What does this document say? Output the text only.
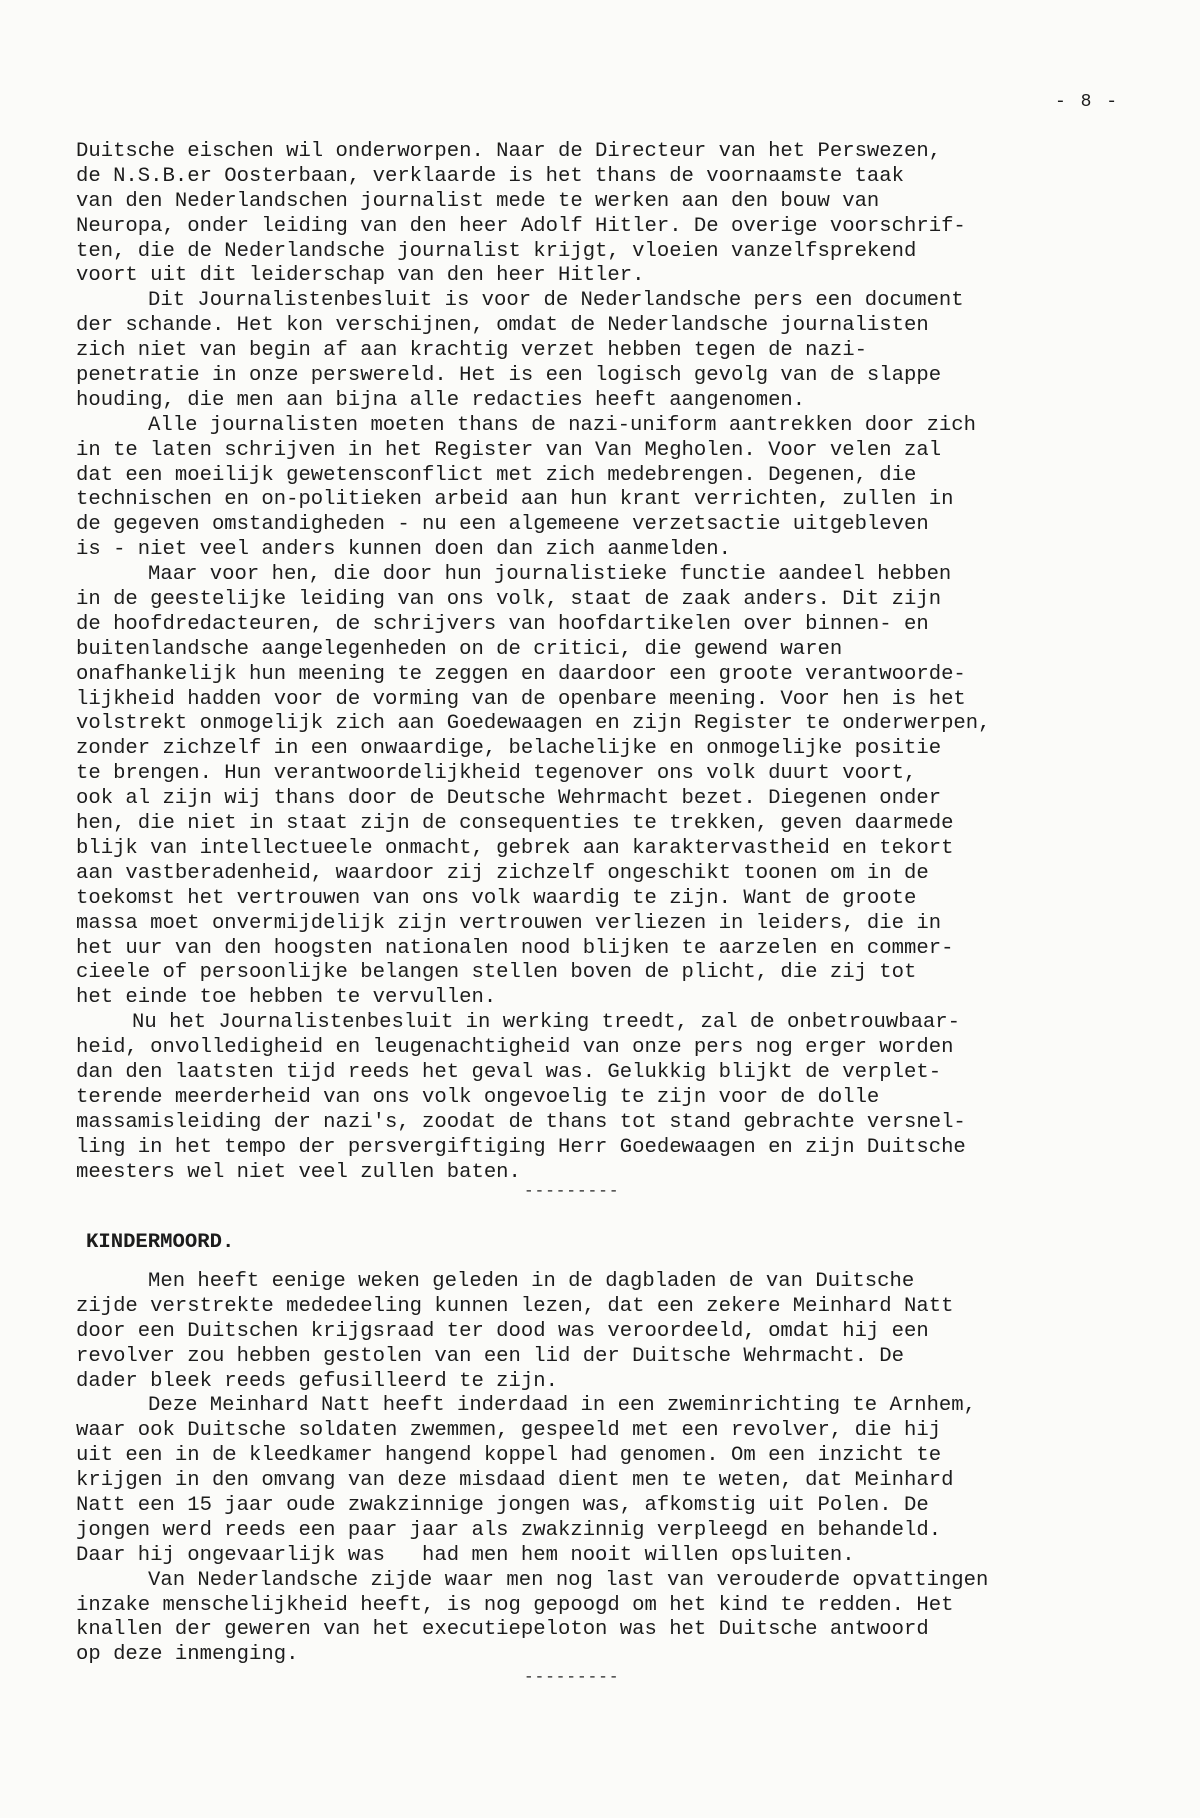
- 8 -
Duitsche eischen wil onderworpen. Naar de Directeur van het Perswezen,
de N.S.B.er Oosterbaan, verklaarde is het thans de voornaamste taak
van den Nederlandschen journalist mede te werken aan den bouw van
Neuropa, onder leiding van den heer Adolf Hitler. De overige voorschrif-
ten, die de Nederlandsche journalist krijgt, vloeien vanzelfsprekend
voort uit dit leiderschap van den heer Hitler.
Dit Journalistenbesluit is voor de Nederlandsche pers een document
der schande. Het kon verschijnen, omdat de Nederlandsche journalisten
zich niet van begin af aan krachtig verzet hebben tegen de nazi-
penetratie in onze perswereld. Het is een logisch gevolg van de slappe
houding, die men aan bijna alle redacties heeft aangenomen.
Alle journalisten moeten thans de nazi-uniform aantrekken door zich
in te laten schrijven in het Register van Van Megholen. Voor velen zal
dat een moeilijk gewetensconflict met zich medebrengen. Degenen, die
technischen en on-politieken arbeid aan hun krant verrichten, zullen in
de gegeven omstandigheden - nu een algemeene verzetsactie uitgebleven
is - niet veel anders kunnen doen dan zich aanmelden.
Maar voor hen, die door hun journalistieke functie aandeel hebben
in de geestelijke leiding van ons volk, staat de zaak anders. Dit zijn
de hoofdredacteuren, de schrijvers van hoofdartikelen over binnen- en
buitenlandsche aangelegenheden on de critici, die gewend waren
onafhankelijk hun meening te zeggen en daardoor een groote verantwoorde-
lijkheid hadden voor de vorming van de openbare meening. Voor hen is het
volstrekt onmogelijk zich aan Goedewaagen en zijn Register te onderwerpen,
zonder zichzelf in een onwaardige, belachelijke en onmogelijke positie
te brengen. Hun verantwoordelijkheid tegenover ons volk duurt voort,
ook al zijn wij thans door de Deutsche Wehrmacht bezet. Diegenen onder
hen, die niet in staat zijn de consequenties te trekken, geven daarmede
blijk van intellectueele onmacht, gebrek aan karaktervastheid en tekort
aan vastberadenheid, waardoor zij zichzelf ongeschikt toonen om in de
toekomst het vertrouwen van ons volk waardig te zijn. Want de groote
massa moet onvermijdelijk zijn vertrouwen verliezen in leiders, die in
het uur van den hoogsten nationalen nood blijken te aarzelen en commer-
cieele of persoonlijke belangen stellen boven de plicht, die zij tot
het einde toe hebben te vervullen.
Nu het Journalistenbesluit in werking treedt, zal de onbetrouwbaar-
heid, onvolledigheid en leugenachtigheid van onze pers nog erger worden
dan den laatsten tijd reeds het geval was. Gelukkig blijkt de verplet-
terende meerderheid van ons volk ongevoelig te zijn voor de dolle
massamisleiding der nazi's, zoodat de thans tot stand gebrachte versnel-
ling in het tempo der persvergiftiging Herr Goedewaagen en zijn Duitsche
meesters wel niet veel zullen baten.
---------
KINDERMOORD.
Men heeft eenige weken geleden in de dagbladen de van Duitsche
zijde verstrekte mededeeling kunnen lezen, dat een zekere Meinhard Natt
door een Duitschen krijgsraad ter dood was veroordeeld, omdat hij een
revolver zou hebben gestolen van een lid der Duitsche Wehrmacht. De
dader bleek reeds gefusilleerd te zijn.
Deze Meinhard Natt heeft inderdaad in een zweminrichting te Arnhem,
waar ook Duitsche soldaten zwemmen, gespeeld met een revolver, die hij
uit een in de kleedkamer hangend koppel had genomen. Om een inzicht te
krijgen in den omvang van deze misdaad dient men te weten, dat Meinhard
Natt een 15 jaar oude zwakzinnige jongen was, afkomstig uit Polen. De
jongen werd reeds een paar jaar als zwakzinnig verpleegd en behandeld.
Daar hij ongevaarlijk was   had men hem nooit willen opsluiten.
Van Nederlandsche zijde waar men nog last van verouderde opvattingen
inzake menschelijkheid heeft, is nog gepoogd om het kind te redden. Het
knallen der geweren van het executiepeloton was het Duitsche antwoord
op deze inmenging.
---------
